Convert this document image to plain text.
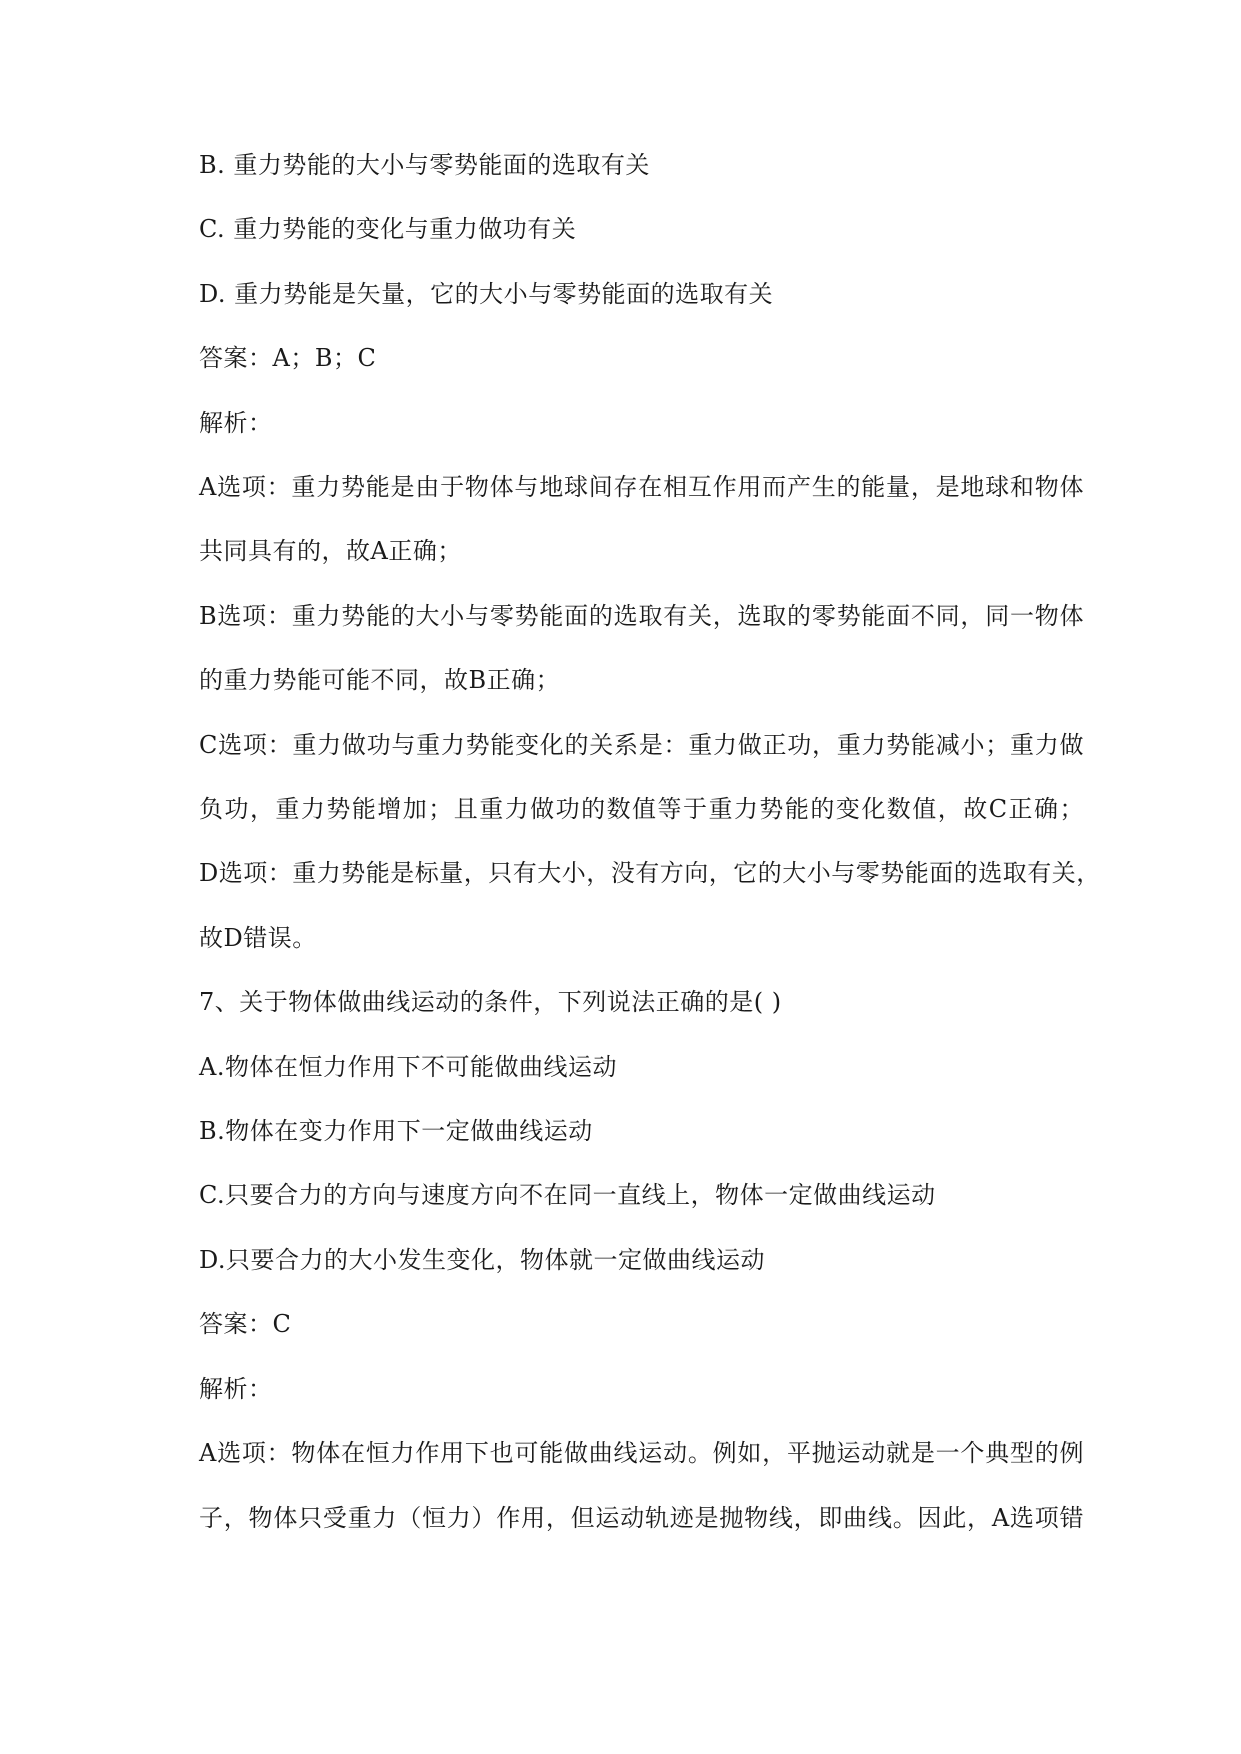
B. 重力势能的大小与零势能面的选取有关
C. 重力势能的变化与重力做功有关
D. 重力势能是矢量，它的大小与零势能面的选取有关
答案：A；B；C
解析：
A选项：重力势能是由于物体与地球间存在相互作用而产生的能量，是地球和物体
共同具有的，故A正确；
B选项：重力势能的大小与零势能面的选取有关，选取的零势能面不同，同一物体
的重力势能可能不同，故B正确；
C选项：重力做功与重力势能变化的关系是：重力做正功，重力势能减小；重力做
负功，重力势能增加；且重力做功的数值等于重力势能的变化数值，故C正确；
D选项：重力势能是标量，只有大小，没有方向，它的大小与零势能面的选取有关，
故D错误。
7、关于物体做曲线运动的条件，下列说法正确的是( )
A.物体在恒力作用下不可能做曲线运动
B.物体在变力作用下一定做曲线运动
C.只要合力的方向与速度方向不在同一直线上，物体一定做曲线运动
D.只要合力的大小发生变化，物体就一定做曲线运动
答案：C
解析：
A选项：物体在恒力作用下也可能做曲线运动。例如，平抛运动就是一个典型的例
子，物体只受重力（恒力）作用，但运动轨迹是抛物线，即曲线。因此，A选项错
